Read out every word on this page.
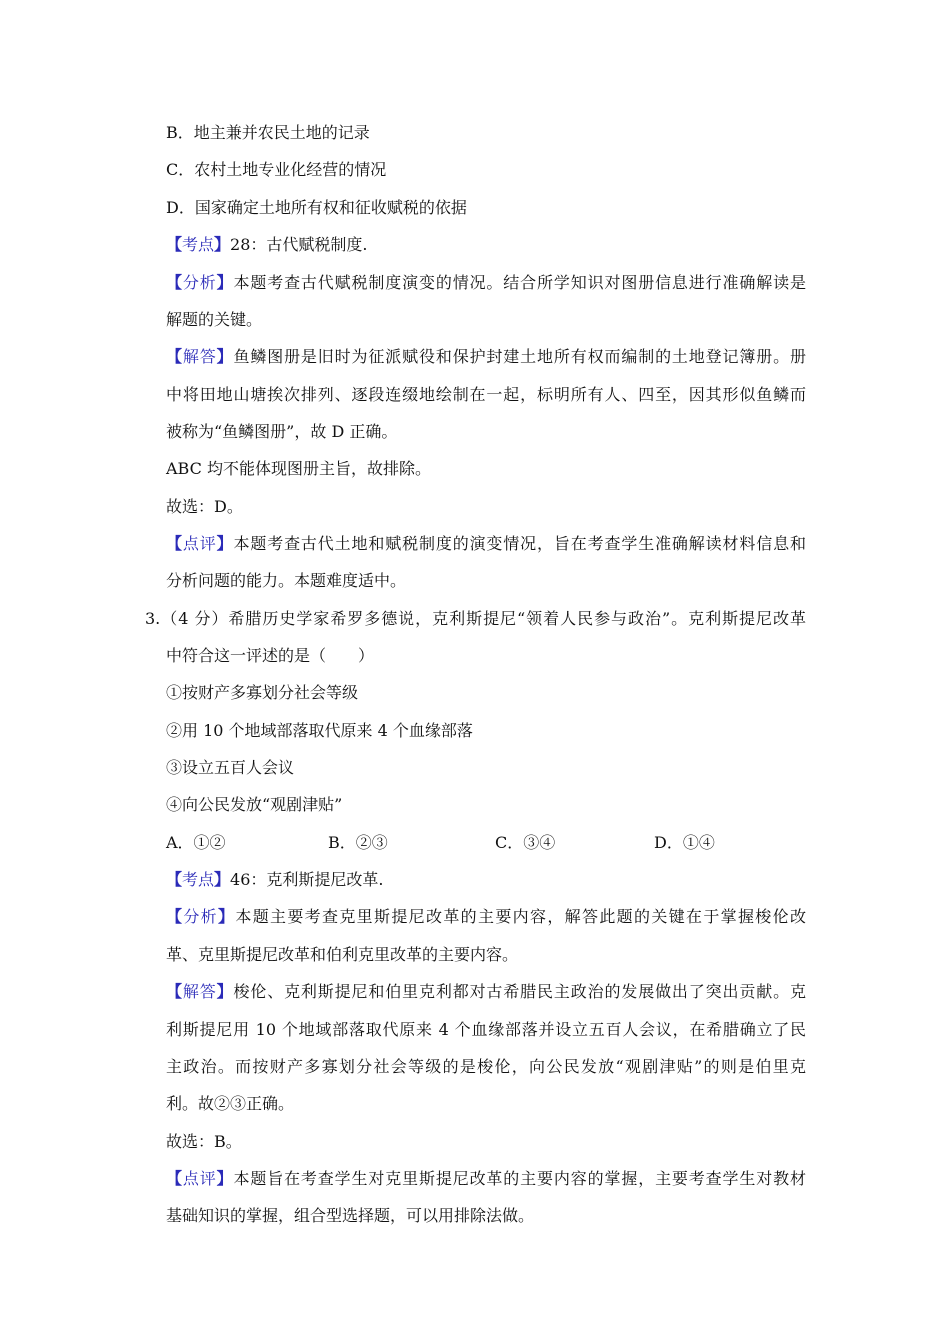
B．地主兼并农民土地的记录
C．农村土地专业化经营的情况
D．国家确定土地所有权和征收赋税的依据
【考点】28：古代赋税制度.
【分析】本题考查古代赋税制度演变的情况。结合所学知识对图册信息进行准确解读是
解题的关键。
【解答】鱼鳞图册是旧时为征派赋役和保护封建土地所有权而编制的土地登记簿册。册
中将田地山塘挨次排列、逐段连缀地绘制在一起，标明所有人、四至，因其形似鱼鳞而
被称为“鱼鳞图册”，故 D 正确。
ABC 均不能体现图册主旨，故排除。
故选：D。
【点评】本题考查古代土地和赋税制度的演变情况，旨在考查学生准确解读材料信息和
分析问题的能力。本题难度适中。
3.（4 分）希腊历史学家希罗多德说，克利斯提尼“领着人民参与政治”。克利斯提尼改革
中符合这一评述的是（　　）
①按财产多寡划分社会等级
②用 10 个地域部落取代原来 4 个血缘部落
③设立五百人会议
④向公民发放“观剧津贴”
A．①②	B．②③	C．③④	D．①④
【考点】46：克利斯提尼改革.
【分析】本题主要考查克里斯提尼改革的主要内容，解答此题的关键在于掌握梭伦改
革、克里斯提尼改革和伯利克里改革的主要内容。
【解答】梭伦、克利斯提尼和伯里克利都对古希腊民主政治的发展做出了突出贡献。克
利斯提尼用 10 个地域部落取代原来 4 个血缘部落并设立五百人会议，在希腊确立了民
主政治。而按财产多寡划分社会等级的是梭伦，向公民发放“观剧津贴”的则是伯里克
利。故②③正确。
故选：B。
【点评】本题旨在考查学生对克里斯提尼改革的主要内容的掌握，主要考查学生对教材
基础知识的掌握，组合型选择题，可以用排除法做。
